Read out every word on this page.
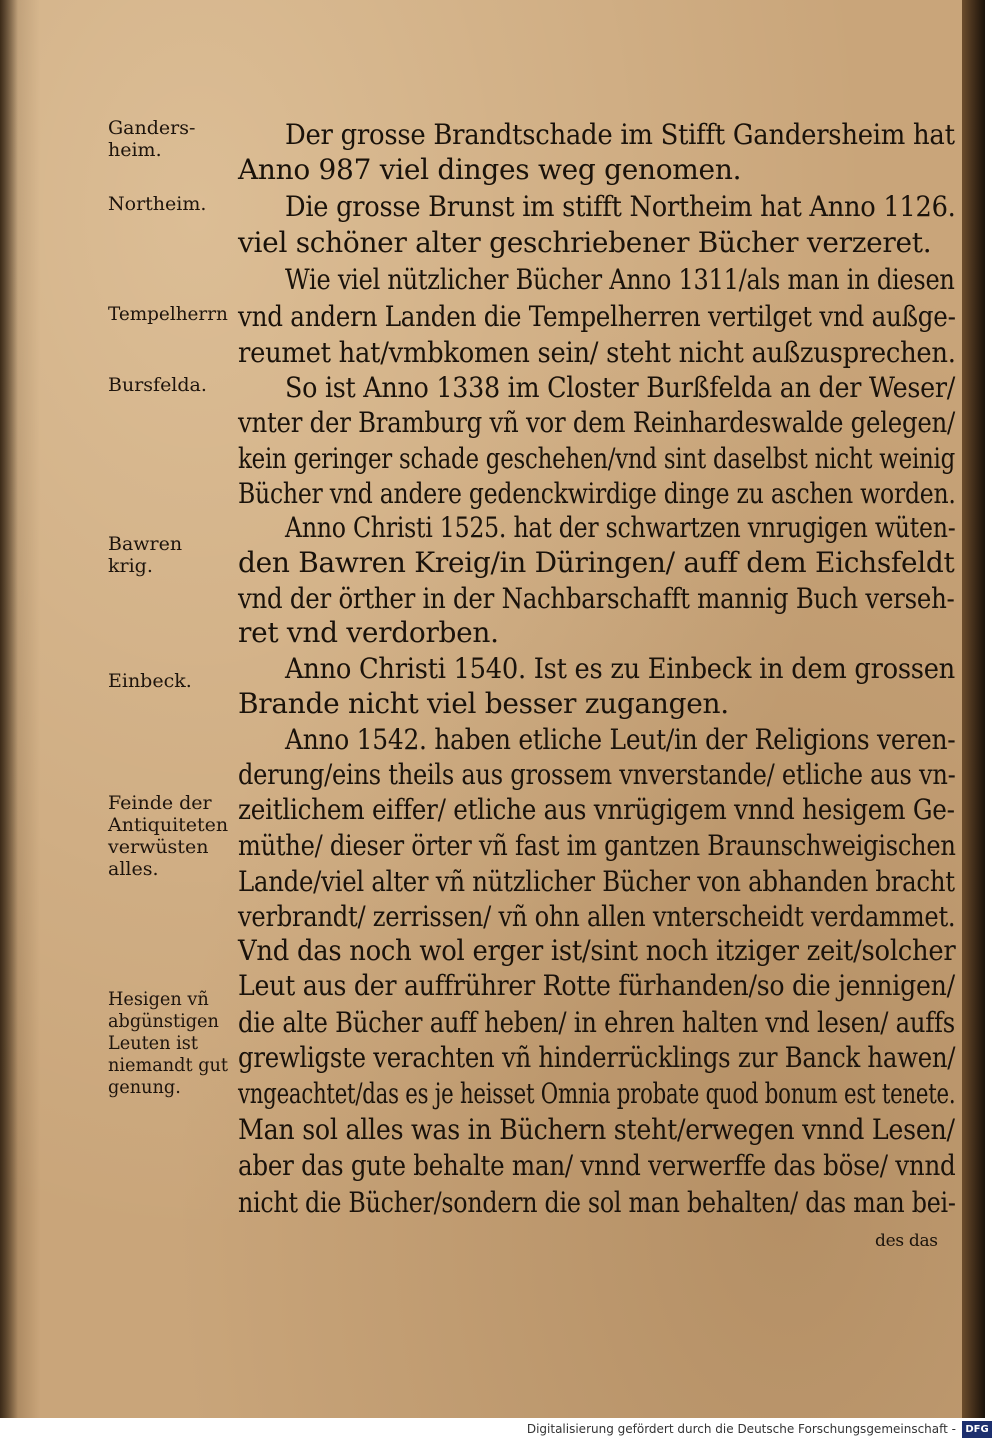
Ganders-
heim.
Northeim.
Tempelherrn
Bursfelda.
Bawren
krig.
Einbeck.
Feinde der
Antiquiteten
verwüsten
alles.
Hesigen vñ
abgünstigen
Leuten ist
niemandt gut
genung.
Der grosse Brandtschade im Stifft Gandersheim hat
Anno 987 viel dinges weg genomen.
Die grosse Brunst im stifft Northeim hat Anno 1126.
viel schöner alter geschriebener Bücher verzeret.
Wie viel nützlicher Bücher Anno 1311/als man in diesen
vnd andern Landen die Tempelherren vertilget vnd außge-
reumet hat/vmbkomen sein/ steht nicht außzusprechen.
So ist Anno 1338 im Closter Burßfelda an der Weser/
vnter der Bramburg vñ vor dem Reinhardeswalde gelegen/
kein geringer schade geschehen/vnd sint daselbst nicht weinig
Bücher vnd andere gedenckwirdige dinge zu aschen worden.
Anno Christi 1525. hat der schwartzen vnrugigen wüten-
den Bawren Kreig/in Düringen/ auff dem Eichsfeldt
vnd der örther in der Nachbarschafft mannig Buch verseh-
ret vnd verdorben.
Anno Christi 1540. Ist es zu Einbeck in dem grossen
Brande nicht viel besser zugangen.
Anno 1542. haben etliche Leut/in der Religions veren-
derung/eins theils aus grossem vnverstande/ etliche aus vn-
zeitlichem eiffer/ etliche aus vnrügigem vnnd hesigem Ge-
müthe/ dieser örter vñ fast im gantzen Braunschweigischen
Lande/viel alter vñ nützlicher Bücher von abhanden bracht
verbrandt/ zerrissen/ vñ ohn allen vnterscheidt verdammet.
Vnd das noch wol erger ist/sint noch itziger zeit/solcher
Leut aus der auffrührer Rotte fürhanden/so die jennigen/
die alte Bücher auff heben/ in ehren halten vnd lesen/ auffs
grewligste verachten vñ hinderrücklings zur Banck hawen/
vngeachtet/das es je heisset Omnia probate quod bonum est tenete.
Man sol alles was in Büchern steht/erwegen vnnd Lesen/
aber das gute behalte man/ vnnd verwerffe das böse/ vnnd
nicht die Bücher/sondern die sol man behalten/ das man bei-
des das
Digitalisierung gefördert durch die Deutsche Forschungsgemeinschaft - DFG
